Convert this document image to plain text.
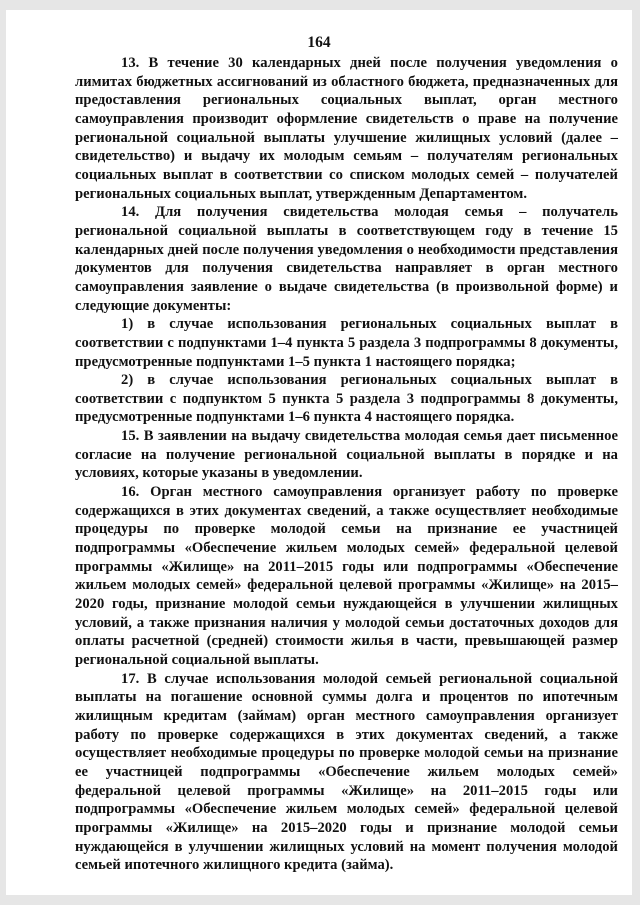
164

13. В течение 30 календарных дней после получения уведомления о лимитах бюджетных ассигнований из областного бюджета, предназначенных для предоставления региональных социальных выплат, орган местного самоуправления производит оформление свидетельств о праве на получение региональной социальной выплаты улучшение жилищных условий (далее – свидетельство) и выдачу их молодым семьям – получателям региональных социальных выплат в соответствии со списком молодых семей – получателей региональных социальных выплат, утвержденным Департаментом.

14. Для получения свидетельства молодая семья – получатель региональной социальной выплаты в соответствующем году в течение 15 календарных дней после получения уведомления о необходимости представления документов для получения свидетельства направляет в орган местного самоуправления заявление о выдаче свидетельства (в произвольной форме) и следующие документы:

1) в случае использования региональных социальных выплат в соответствии с подпунктами 1–4 пункта 5 раздела 3 подпрограммы 8 документы, предусмотренные подпунктами 1–5 пункта 1 настоящего порядка;

2) в случае использования региональных социальных выплат в соответствии с подпунктом 5 пункта 5 раздела 3 подпрограммы 8 документы, предусмотренные подпунктами 1–6 пункта 4 настоящего порядка.

15. В заявлении на выдачу свидетельства молодая семья дает письменное согласие на получение региональной социальной выплаты в порядке и на условиях, которые указаны в уведомлении.

16. Орган местного самоуправления организует работу по проверке содержащихся в этих документах сведений, а также осуществляет необходимые процедуры по проверке молодой семьи на признание ее участницей подпрограммы «Обеспечение жильем молодых семей» федеральной целевой программы «Жилище» на 2011–2015 годы или подпрограммы «Обеспечение жильем молодых семей» федеральной целевой программы «Жилище» на 2015–2020 годы, признание молодой семьи нуждающейся в улучшении жилищных условий, а также признания наличия у молодой семьи достаточных доходов для оплаты расчетной (средней) стоимости жилья в части, превышающей размер региональной социальной выплаты.

17. В случае использования молодой семьей региональной социальной выплаты на погашение основной суммы долга и процентов по ипотечным жилищным кредитам (займам) орган местного самоуправления организует работу по проверке содержащихся в этих документах сведений, а также осуществляет необходимые процедуры по проверке молодой семьи на признание ее участницей подпрограммы «Обеспечение жильем молодых семей» федеральной целевой программы «Жилище» на 2011–2015 годы или подпрограммы «Обеспечение жильем молодых семей» федеральной целевой программы «Жилище» на 2015–2020 годы и признание молодой семьи нуждающейся в улучшении жилищных условий на момент получения молодой семьей ипотечного жилищного кредита (займа).
